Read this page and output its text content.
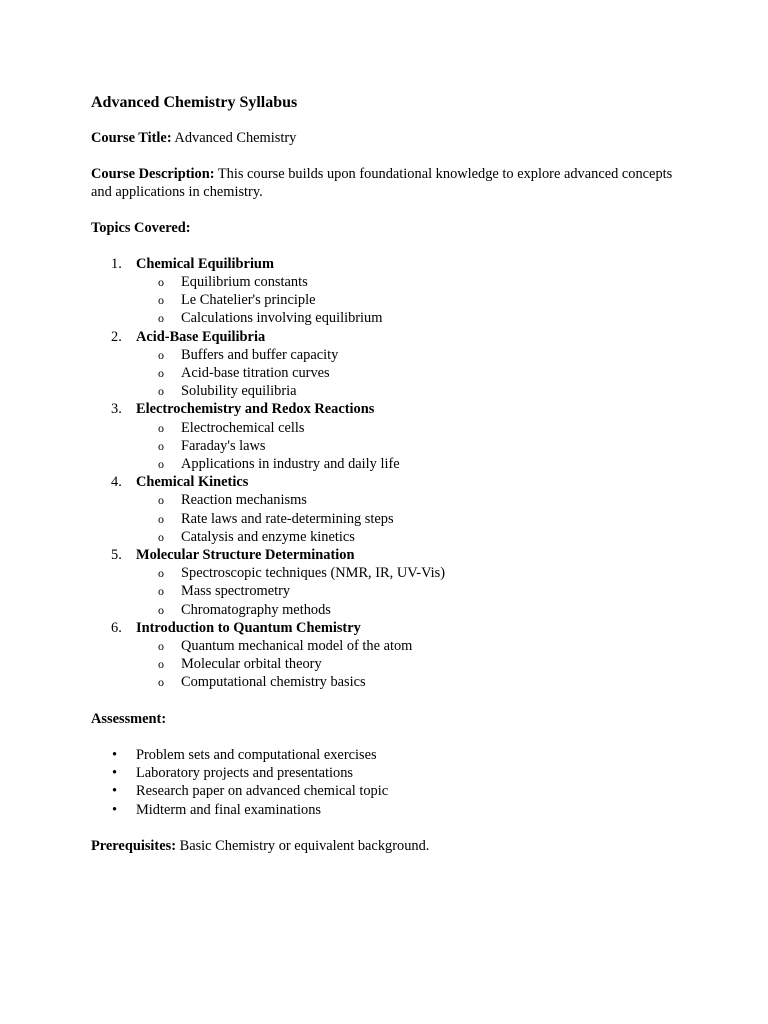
Advanced Chemistry Syllabus

Course Title: Advanced Chemistry

Course Description: This course builds upon foundational knowledge to explore advanced concepts and applications in chemistry.

Topics Covered:

1. Chemical Equilibrium
o Equilibrium constants
o Le Chatelier's principle
o Calculations involving equilibrium
2. Acid-Base Equilibria
o Buffers and buffer capacity
o Acid-base titration curves
o Solubility equilibria
3. Electrochemistry and Redox Reactions
o Electrochemical cells
o Faraday's laws
o Applications in industry and daily life
4. Chemical Kinetics
o Reaction mechanisms
o Rate laws and rate-determining steps
o Catalysis and enzyme kinetics
5. Molecular Structure Determination
o Spectroscopic techniques (NMR, IR, UV-Vis)
o Mass spectrometry
o Chromatography methods
6. Introduction to Quantum Chemistry
o Quantum mechanical model of the atom
o Molecular orbital theory
o Computational chemistry basics

Assessment:

• Problem sets and computational exercises
• Laboratory projects and presentations
• Research paper on advanced chemical topic
• Midterm and final examinations

Prerequisites: Basic Chemistry or equivalent background.
